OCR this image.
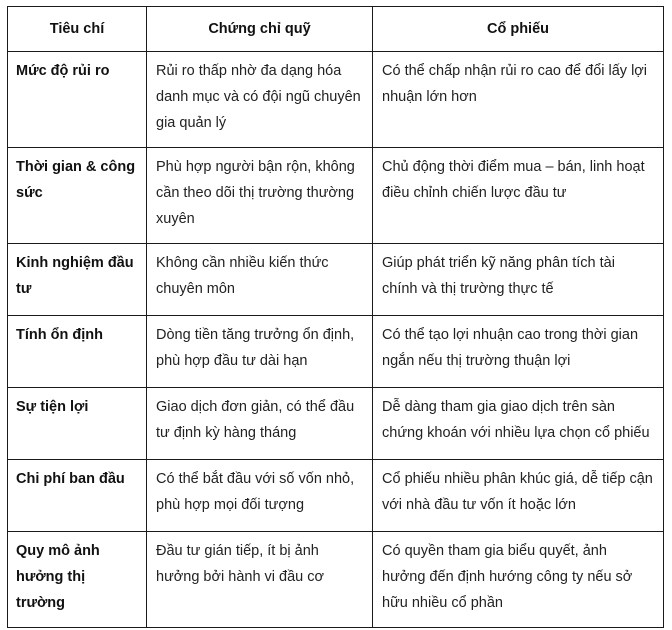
Tiêu chí	Chứng chỉ quỹ	Cổ phiếu
Mức độ rủi ro	Rủi ro thấp nhờ đa dạng hóa danh mục và có đội ngũ chuyên gia quản lý	Có thể chấp nhận rủi ro cao để đổi lấy lợi nhuận lớn hơn
Thời gian & công sức	Phù hợp người bận rộn, không cần theo dõi thị trường thường xuyên	Chủ động thời điểm mua – bán, linh hoạt điều chỉnh chiến lược đầu tư
Kinh nghiệm đầu tư	Không cần nhiều kiến thức chuyên môn	Giúp phát triển kỹ năng phân tích tài chính và thị trường thực tế
Tính ổn định	Dòng tiền tăng trưởng ổn định, phù hợp đầu tư dài hạn	Có thể tạo lợi nhuận cao trong thời gian ngắn nếu thị trường thuận lợi
Sự tiện lợi	Giao dịch đơn giản, có thể đầu tư định kỳ hàng tháng	Dễ dàng tham gia giao dịch trên sàn chứng khoán với nhiều lựa chọn cổ phiếu
Chi phí ban đầu	Có thể bắt đầu với số vốn nhỏ, phù hợp mọi đối tượng	Cổ phiếu nhiều phân khúc giá, dễ tiếp cận với nhà đầu tư vốn ít hoặc lớn
Quy mô ảnh hưởng thị trường	Đầu tư gián tiếp, ít bị ảnh hưởng bởi hành vi đầu cơ	Có quyền tham gia biểu quyết, ảnh hưởng đến định hướng công ty nếu sở hữu nhiều cổ phần
